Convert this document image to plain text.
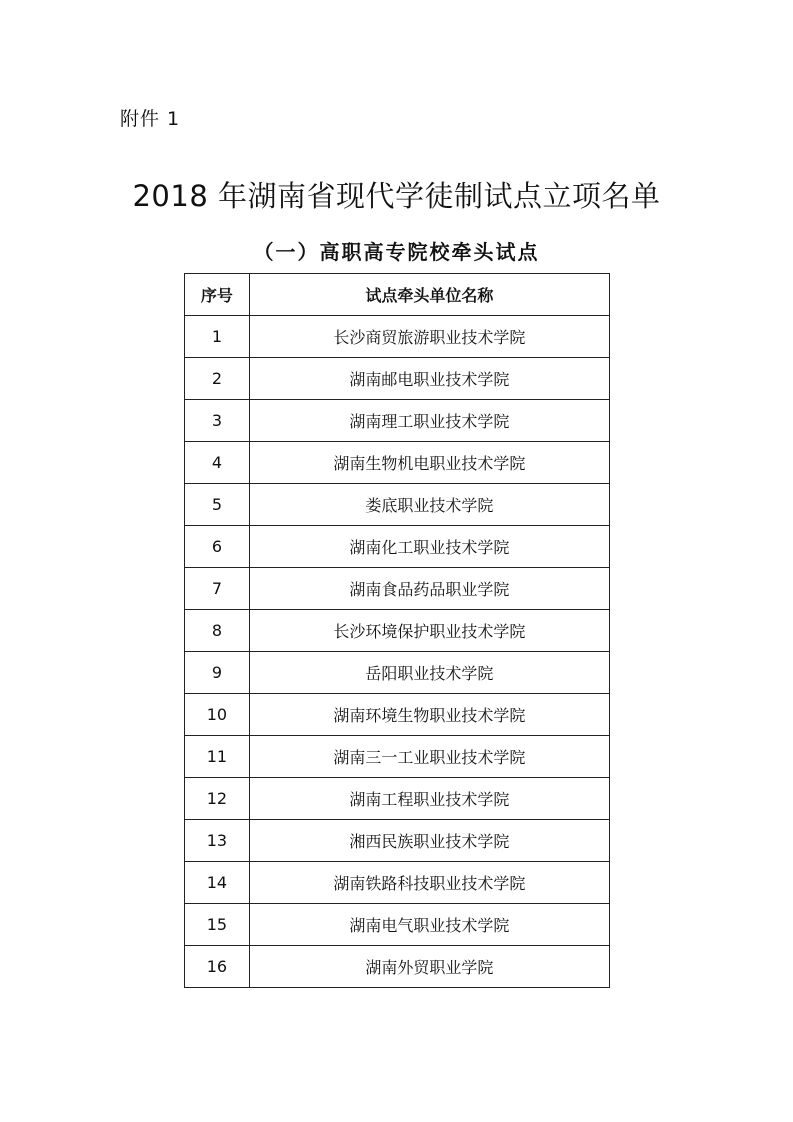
附件 1
2018 年湖南省现代学徒制试点立项名单
（一）高职高专院校牵头试点
序号	试点牵头单位名称
1	长沙商贸旅游职业技术学院
2	湖南邮电职业技术学院
3	湖南理工职业技术学院
4	湖南生物机电职业技术学院
5	娄底职业技术学院
6	湖南化工职业技术学院
7	湖南食品药品职业学院
8	长沙环境保护职业技术学院
9	岳阳职业技术学院
10	湖南环境生物职业技术学院
11	湖南三一工业职业技术学院
12	湖南工程职业技术学院
13	湘西民族职业技术学院
14	湖南铁路科技职业技术学院
15	湖南电气职业技术学院
16	湖南外贸职业学院
